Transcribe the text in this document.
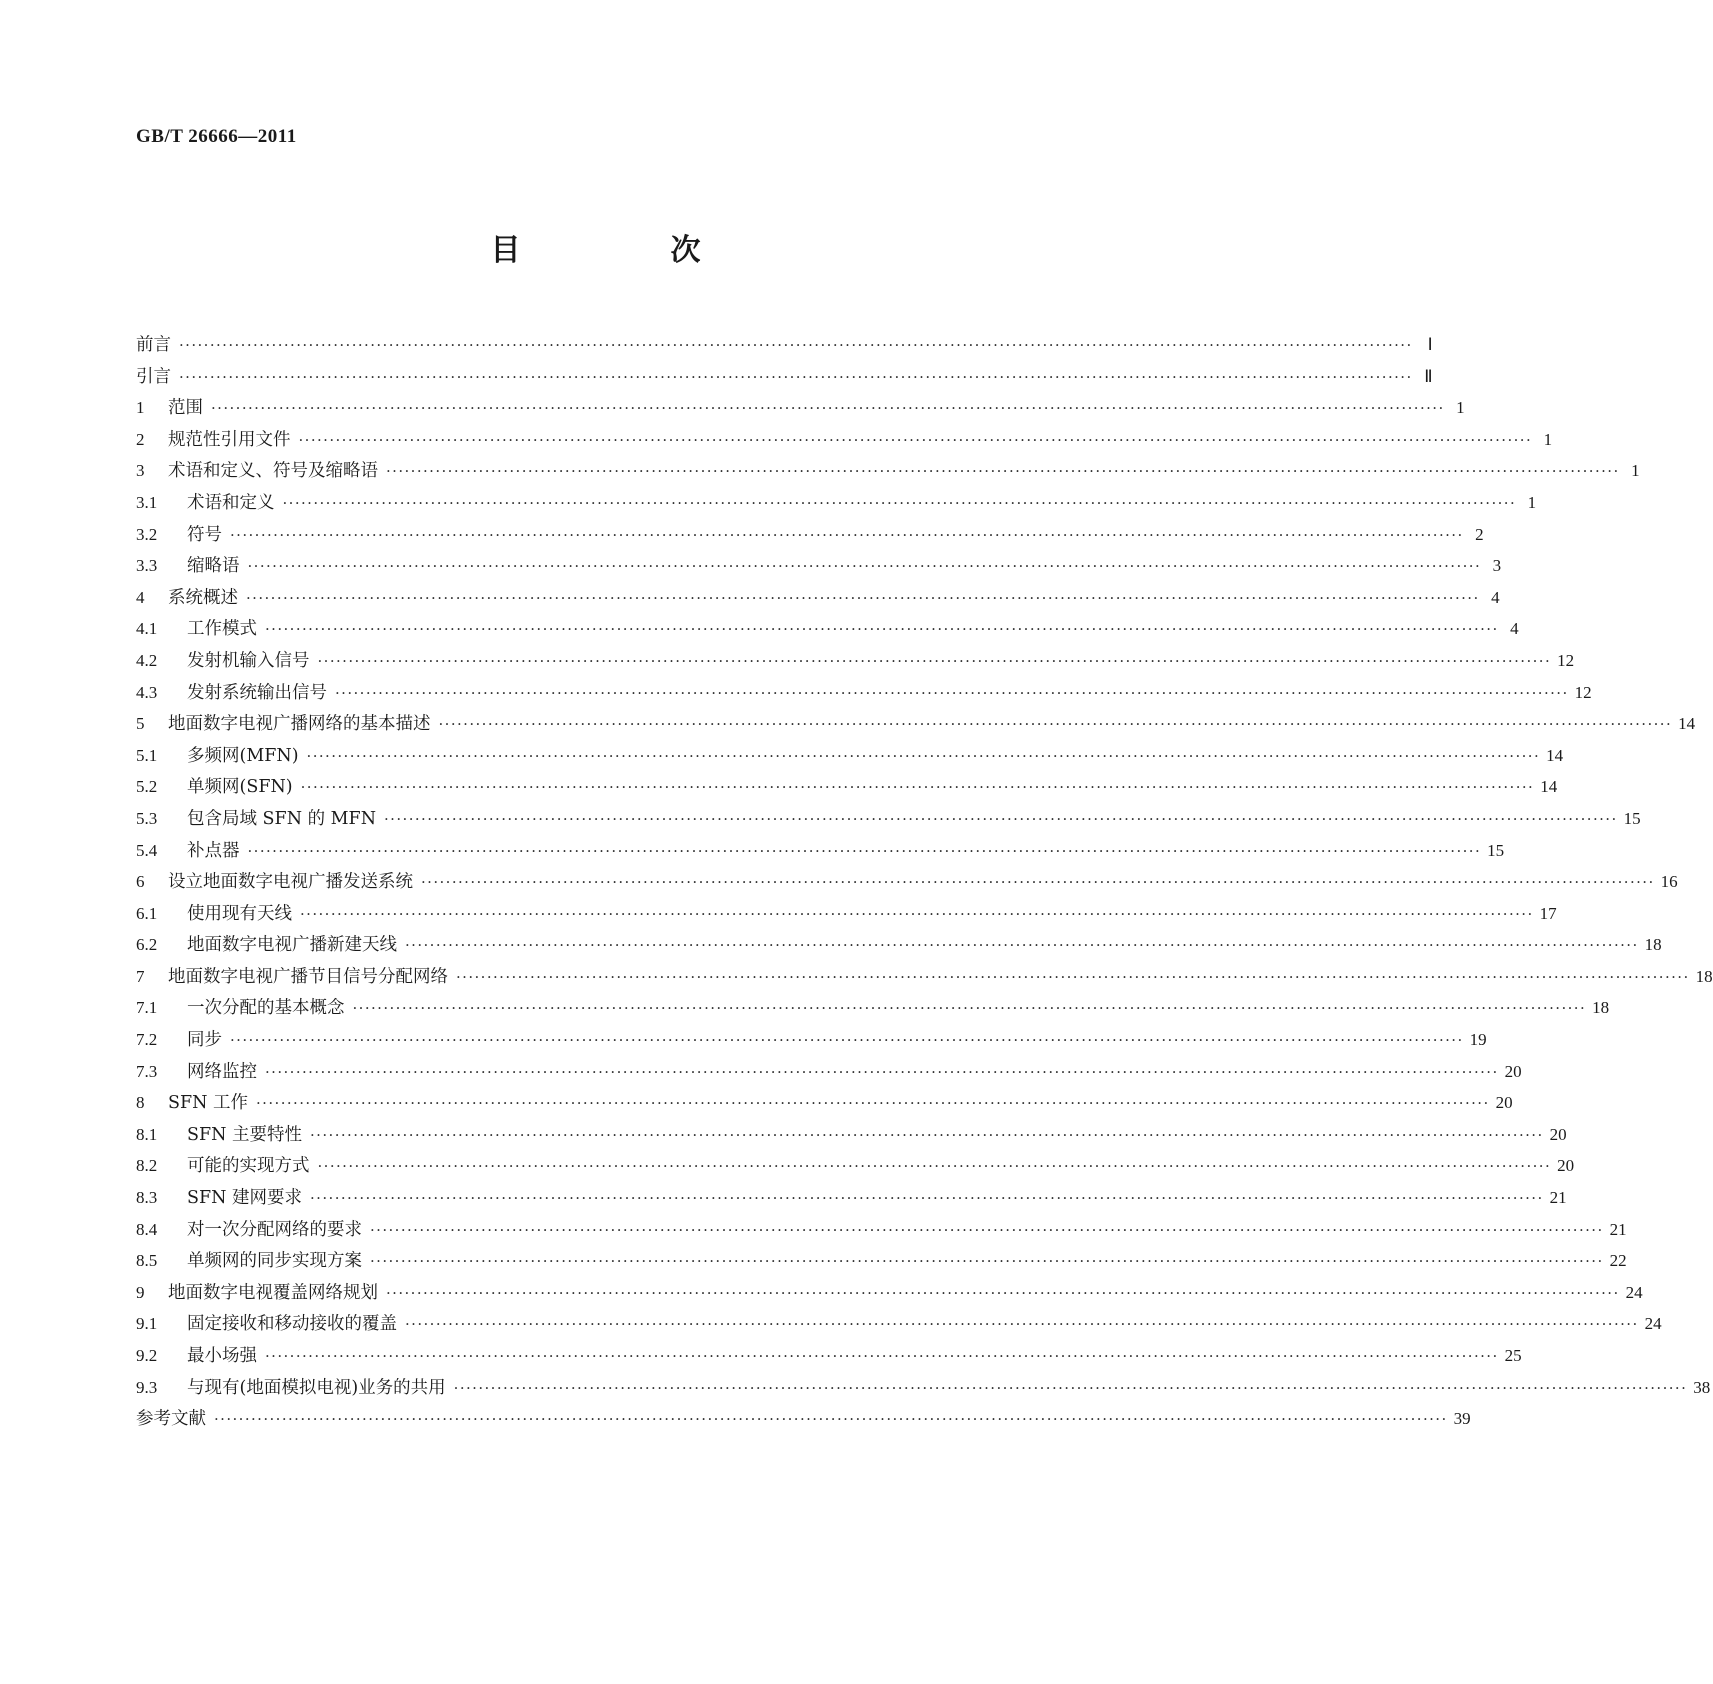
GB/T 26666—2011
目　次
前言 ········································································································································································································ Ⅰ
引言 ········································································································································································································ Ⅱ
1	范围 ········································································································································································································ 1
2	规范性引用文件 ········································································································································································································ 1
3	术语和定义、符号及缩略语 ········································································································································································································ 1
3.1	术语和定义 ········································································································································································································ 1
3.2	符号 ········································································································································································································ 2
3.3	缩略语 ········································································································································································································ 3
4	系统概述 ········································································································································································································ 4
4.1	工作模式 ········································································································································································································ 4
4.2	发射机输入信号 ········································································································································································································ 12
4.3	发射系统输出信号 ········································································································································································································ 12
5	地面数字电视广播网络的基本描述 ········································································································································································································ 14
5.1	多频网(MFN) ········································································································································································································ 14
5.2	单频网(SFN) ········································································································································································································ 14
5.3	包含局域 SFN 的 MFN ········································································································································································································ 15
5.4	补点器 ········································································································································································································ 15
6	设立地面数字电视广播发送系统 ········································································································································································································ 16
6.1	使用现有天线 ········································································································································································································ 17
6.2	地面数字电视广播新建天线 ········································································································································································································ 18
7	地面数字电视广播节目信号分配网络 ········································································································································································································ 18
7.1	一次分配的基本概念 ········································································································································································································ 18
7.2	同步 ········································································································································································································ 19
7.3	网络监控 ········································································································································································································ 20
8	SFN 工作 ········································································································································································································ 20
8.1	SFN 主要特性 ········································································································································································································ 20
8.2	可能的实现方式 ········································································································································································································ 20
8.3	SFN 建网要求 ········································································································································································································ 21
8.4	对一次分配网络的要求 ········································································································································································································ 21
8.5	单频网的同步实现方案 ········································································································································································································ 22
9	地面数字电视覆盖网络规划 ········································································································································································································ 24
9.1	固定接收和移动接收的覆盖 ········································································································································································································ 24
9.2	最小场强 ········································································································································································································ 25
9.3	与现有(地面模拟电视)业务的共用 ········································································································································································································ 38
参考文献 ········································································································································································································ 39
